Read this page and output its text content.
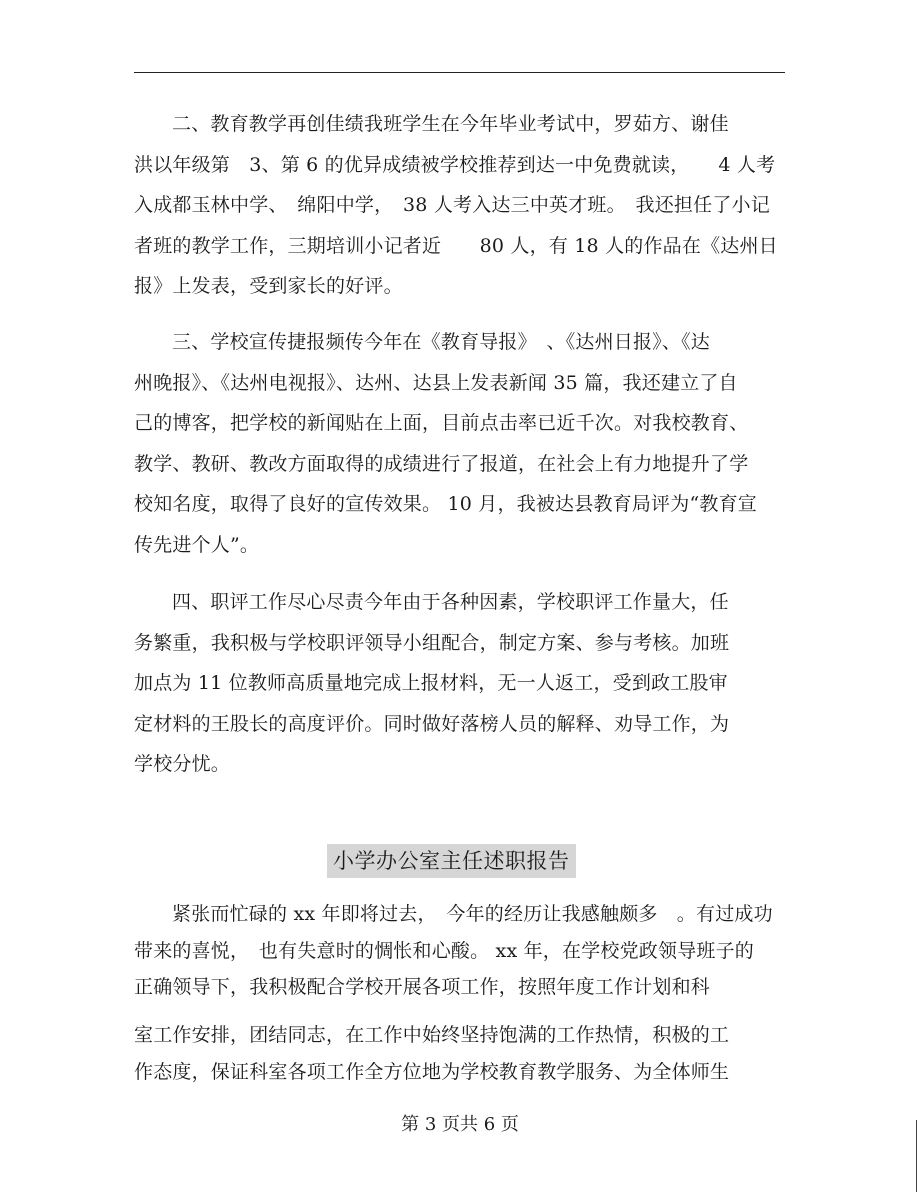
二、教育教学再创佳绩我班学生在今年毕业考试中，罗茹方、谢佳
洪以年级第　3、第 6 的优异成绩被学校推荐到达一中免费就读，　　4 人考
入成都玉林中学、　绵阳中学，　38 人考入达三中英才班。　我还担任了小记
者班的教学工作，三期培训小记者近　　80 人，有 18 人的作品在《达州日
报》上发表，受到家长的好评。

三、学校宣传捷报频传今年在《教育导报》　、《达州日报》、《达
州晚报》、《达州电视报》、达州、达县上发表新闻 35 篇，我还建立了自
己的博客，把学校的新闻贴在上面，目前点击率已近千次。对我校教育、
教学、教研、教改方面取得的成绩进行了报道，在社会上有力地提升了学
校知名度，取得了良好的宣传效果。 10 月，我被达县教育局评为“教育宣
传先进个人”。

四、职评工作尽心尽责今年由于各种因素，学校职评工作量大，任
务繁重，我积极与学校职评领导小组配合，制定方案、参与考核。加班
加点为 11 位教师高质量地完成上报材料，无一人返工，受到政工股审
定材料的王股长的高度评价。同时做好落榜人员的解释、劝导工作，为
学校分忧。

小学办公室主任述职报告

紧张而忙碌的 xx 年即将过去，　今年的经历让我感触颇多　。有过成功
带来的喜悦，　也有失意时的惆怅和心酸。 xx 年，在学校党政领导班子的
正确领导下，我积极配合学校开展各项工作，按照年度工作计划和科

室工作安排，团结同志，在工作中始终坚持饱满的工作热情，积极的工
作态度，保证科室各项工作全方位地为学校教育教学服务、为全体师生

第 3 页共 6 页
